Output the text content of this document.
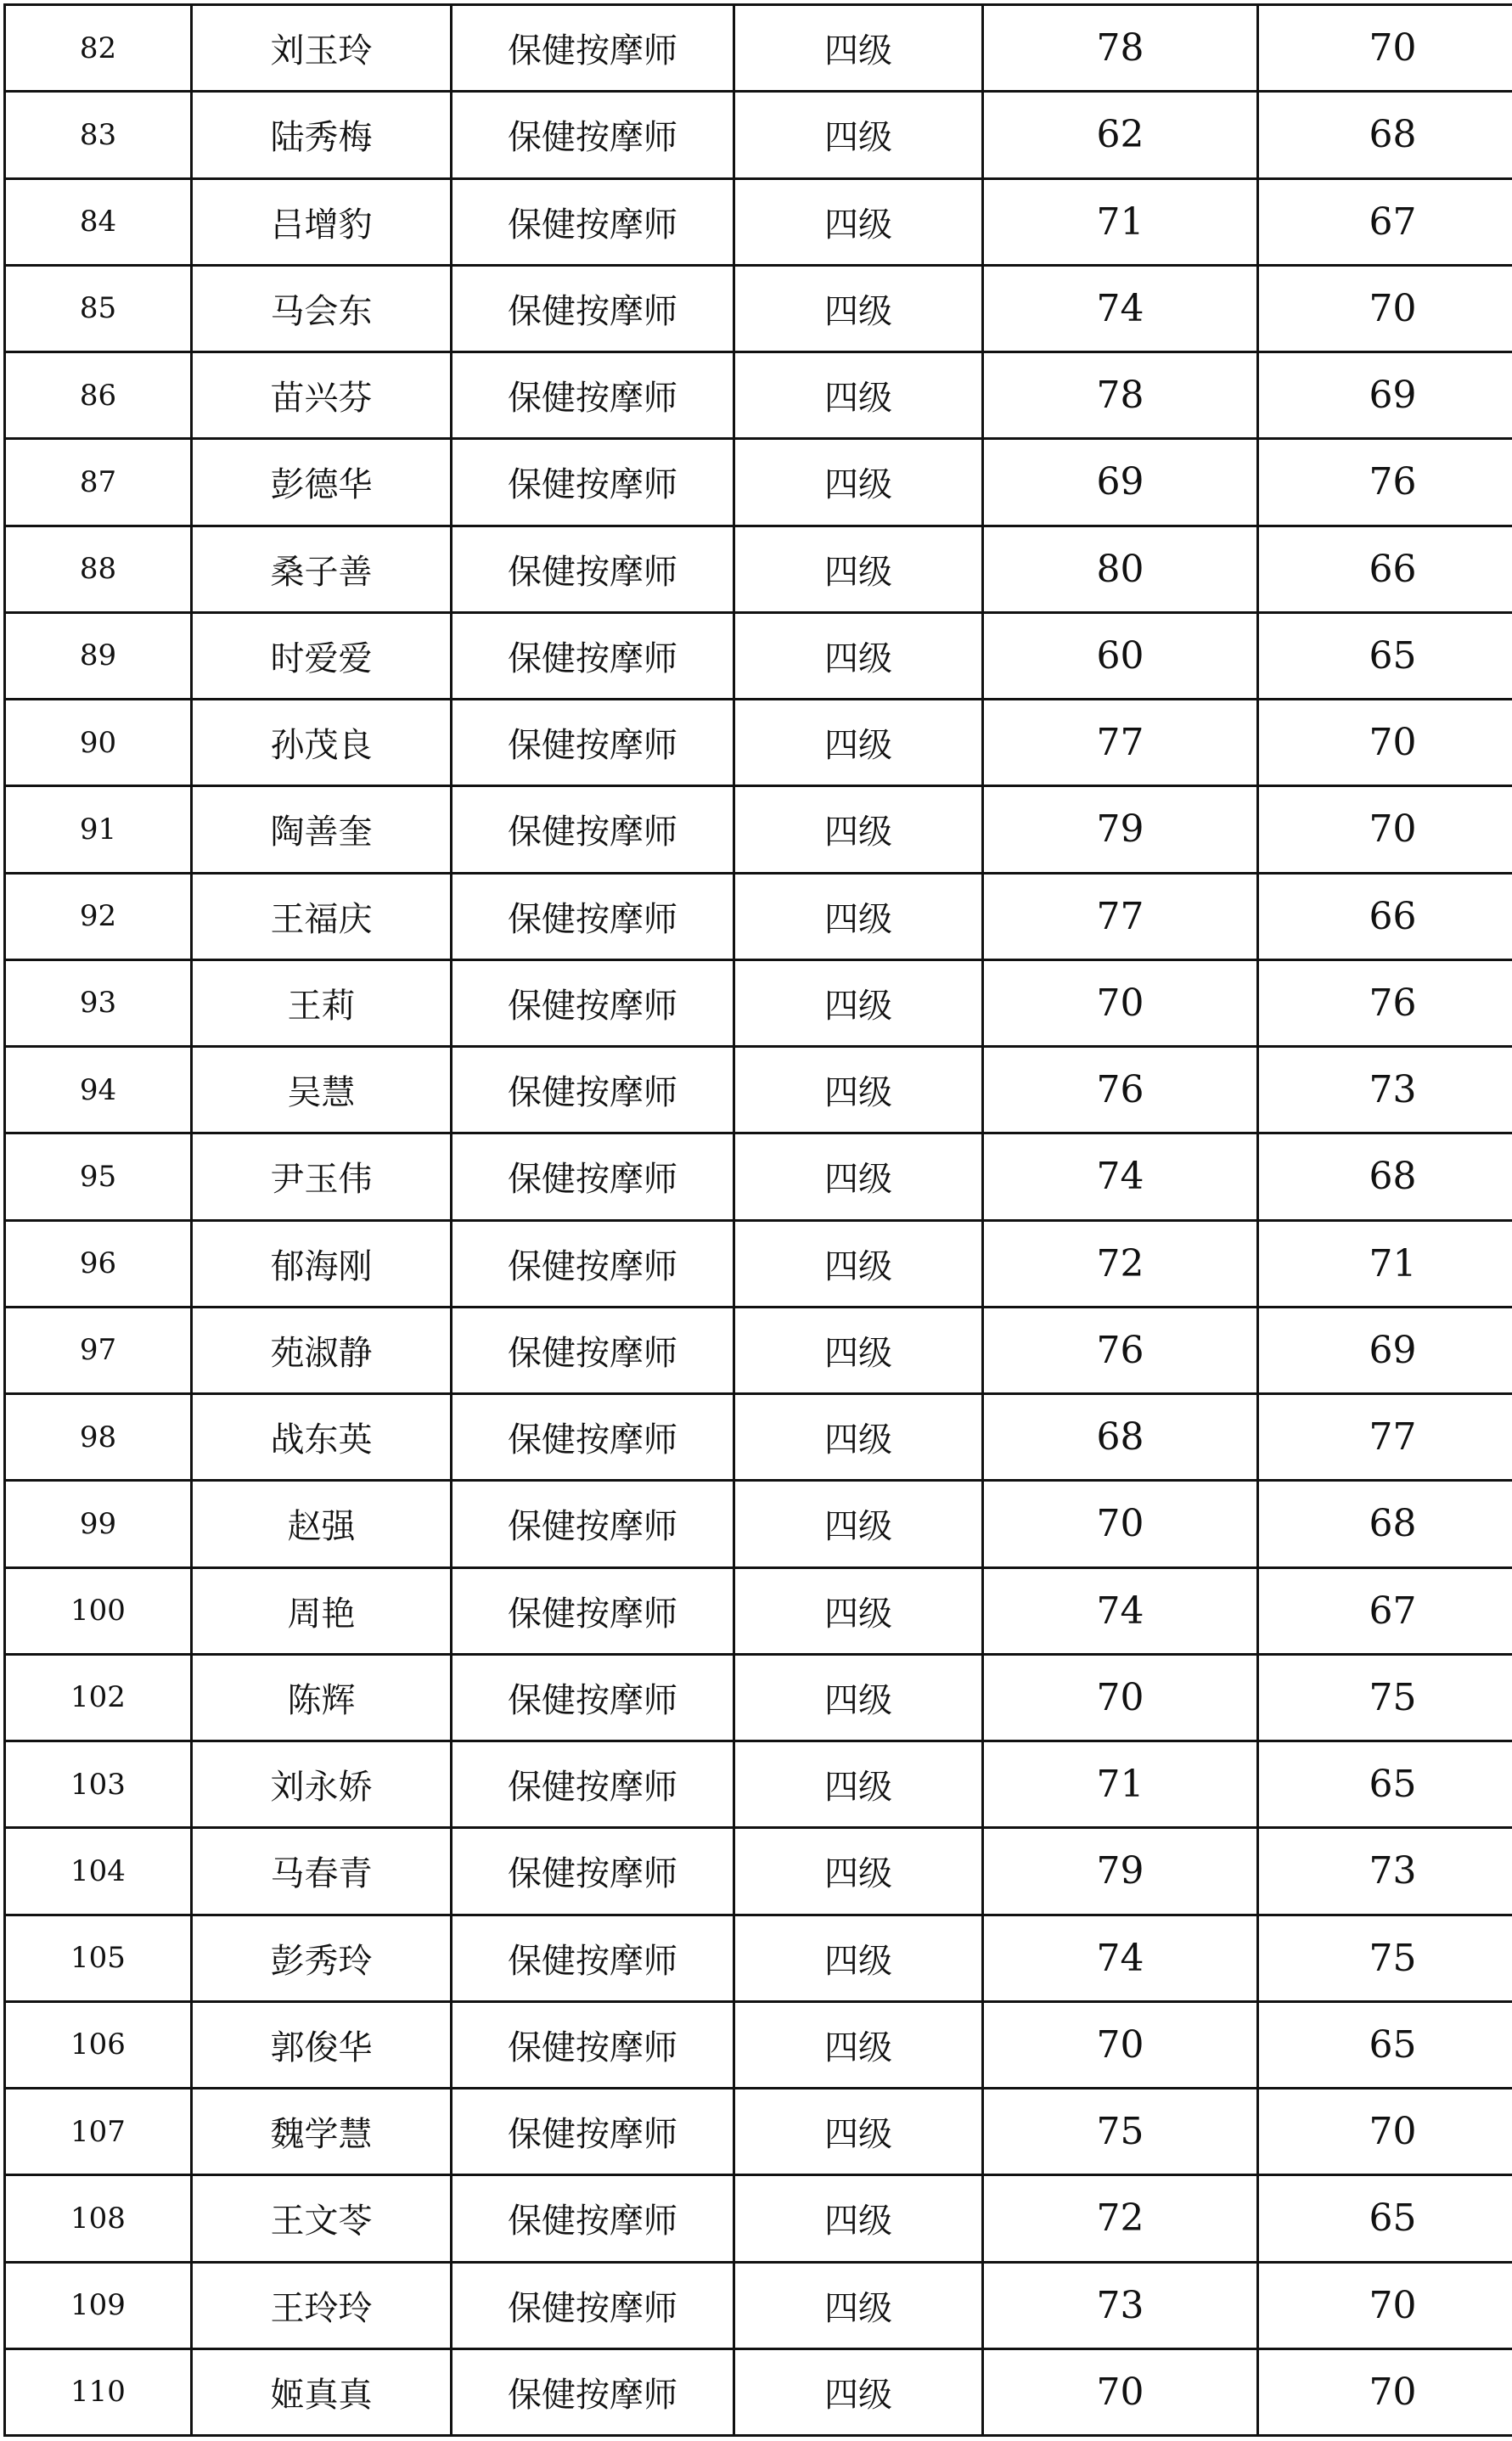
82	刘玉玲	保健按摩师	四级	78	70
83	陆秀梅	保健按摩师	四级	62	68
84	吕增豹	保健按摩师	四级	71	67
85	马会东	保健按摩师	四级	74	70
86	苗兴芬	保健按摩师	四级	78	69
87	彭德华	保健按摩师	四级	69	76
88	桑子善	保健按摩师	四级	80	66
89	时爱爱	保健按摩师	四级	60	65
90	孙茂良	保健按摩师	四级	77	70
91	陶善奎	保健按摩师	四级	79	70
92	王福庆	保健按摩师	四级	77	66
93	王莉	保健按摩师	四级	70	76
94	吴慧	保健按摩师	四级	76	73
95	尹玉伟	保健按摩师	四级	74	68
96	郁海刚	保健按摩师	四级	72	71
97	苑淑静	保健按摩师	四级	76	69
98	战东英	保健按摩师	四级	68	77
99	赵强	保健按摩师	四级	70	68
100	周艳	保健按摩师	四级	74	67
102	陈辉	保健按摩师	四级	70	75
103	刘永娇	保健按摩师	四级	71	65
104	马春青	保健按摩师	四级	79	73
105	彭秀玲	保健按摩师	四级	74	75
106	郭俊华	保健按摩师	四级	70	65
107	魏学慧	保健按摩师	四级	75	70
108	王文苓	保健按摩师	四级	72	65
109	王玲玲	保健按摩师	四级	73	70
110	姬真真	保健按摩师	四级	70	70
